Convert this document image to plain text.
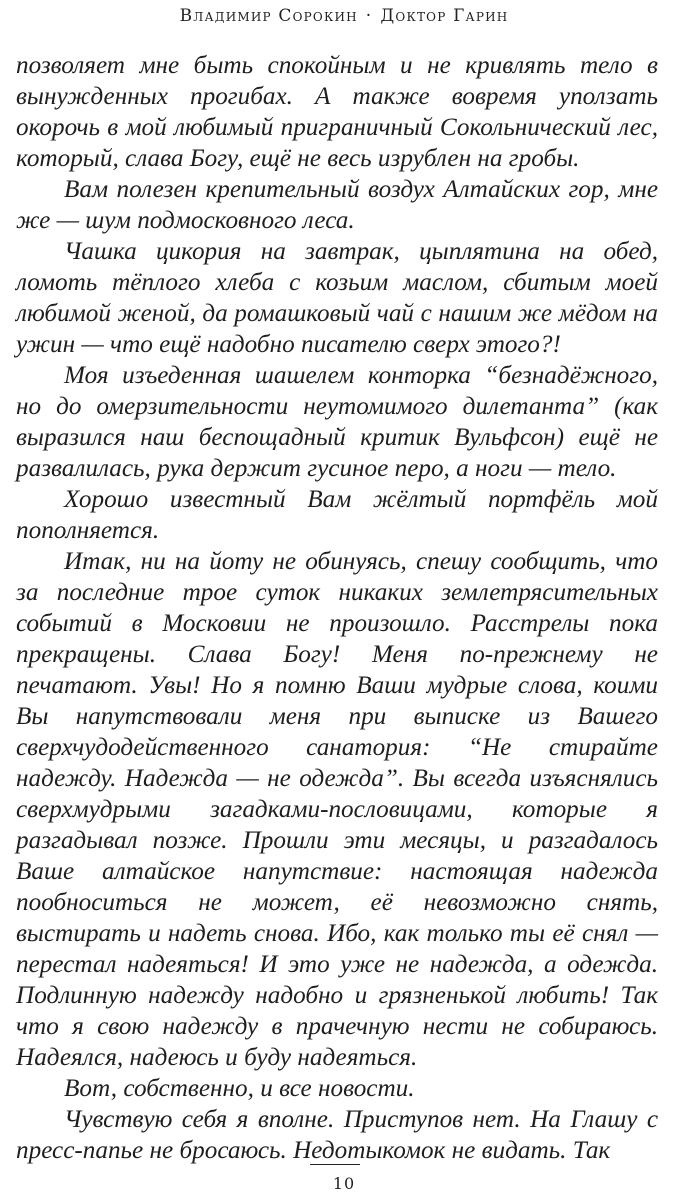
Владимир Сорокин · Доктор Гарин

позволяет мне быть спокойным и не кривлять тело в вынужденных прогибах. А также вовремя уползать окорочь в мой любимый приграничный Сокольнический лес, который, слава Богу, ещё не весь изрублен на гробы.

Вам полезен крепительный воздух Алтайских гор, мне же — шум подмосковного леса.

Чашка цикория на завтрак, цыплятина на обед, ломоть тёплого хлеба с козьим маслом, сбитым моей любимой женой, да ромашковый чай с нашим же мёдом на ужин — что ещё надобно писателю сверх этого?!

Моя изъеденная шашелем конторка “безнадёжного, но до омерзительности неутомимого дилетанта” (как выразился наш беспощадный критик Вульфсон) ещё не развалилась, рука держит гусиное перо, а ноги — тело.

Хорошо известный Вам жёлтый портфёль мой пополняется.

Итак, ни на йоту не обинуясь, спешу сообщить, что за последние трое суток никаких землетрясительных событий в Московии не произошло. Расстрелы пока прекращены. Слава Богу! Меня по-прежнему не печатают. Увы! Но я помню Ваши мудрые слова, коими Вы напутствовали меня при выписке из Вашего сверхчудодейственного санатория: “Не стирайте надежду. Надежда — не одежда”. Вы всегда изъяснялись сверхмудрыми загадками-пословицами, которые я разгадывал позже. Прошли эти месяцы, и разгадалось Ваше алтайское напутствие: настоящая надежда пообноситься не может, её невозможно снять, выстирать и надеть снова. Ибо, как только ты её снял — перестал надеяться! И это уже не надежда, а одежда. Подлинную надежду надобно и грязненькой любить! Так что я свою надежду в прачечную нести не собираюсь. Надеялся, надеюсь и буду надеяться.

Вот, собственно, и все новости.

Чувствую себя я вполне. Приступов нет. На Глашу с пресс-папье не бросаюсь. Недотыкомок не видать. Так

10
